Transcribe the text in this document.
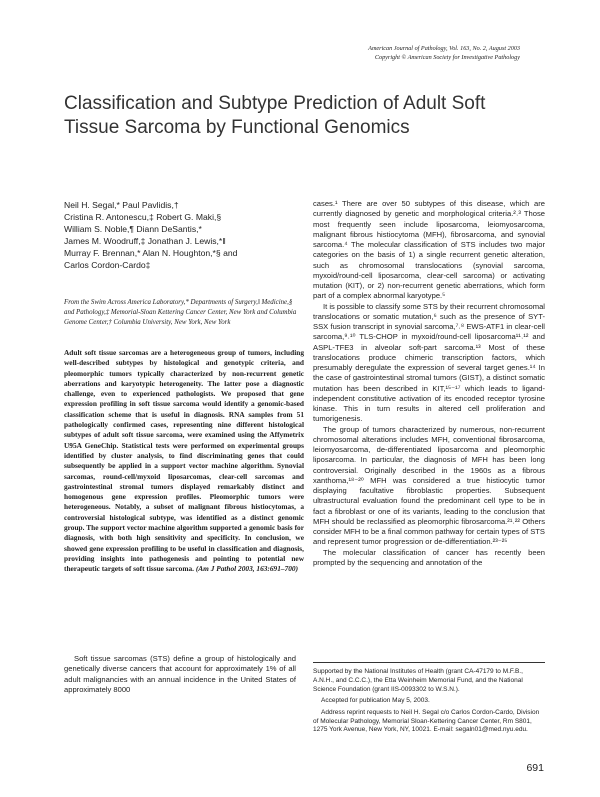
American Journal of Pathology, Vol. 163, No. 2, August 2003
Copyright © American Society for Investigative Pathology
Classification and Subtype Prediction of Adult Soft Tissue Sarcoma by Functional Genomics
Neil H. Segal,* Paul Pavlidis,†
Cristina R. Antonescu,‡ Robert G. Maki,§
William S. Noble,¶ Diann DeSantis,*
James M. Woodruff,‡ Jonathan J. Lewis,*ǁ
Murray F. Brennan,* Alan N. Houghton,*§ and
Carlos Cordon-Cardo‡
From the Swim Across America Laboratory,* Departments of Surgery,ǁ Medicine,§ and Pathology,‡ Memorial-Sloan Kettering Cancer Center, New York and Columbia Genome Center,† Columbia University, New York, New York
Adult soft tissue sarcomas are a heterogeneous group of tumors, including well-described subtypes by histological and genotypic criteria, and pleomorphic tumors typically characterized by non-recurrent genetic aberrations and karyotypic heterogeneity. The latter pose a diagnostic challenge, even to experienced pathologists. We proposed that gene expression profiling in soft tissue sarcoma would identify a genomic-based classification scheme that is useful in diagnosis. RNA samples from 51 pathologically confirmed cases, representing nine different histological subtypes of adult soft tissue sarcoma, were examined using the Affymetrix U95A GeneChip. Statistical tests were performed on experimental groups identified by cluster analysis, to find discriminating genes that could subsequently be applied in a support vector machine algorithm. Synovial sarcomas, round-cell/myxoid liposarcomas, clear-cell sarcomas and gastrointestinal stromal tumors displayed remarkably distinct and homogenous gene expression profiles. Pleomorphic tumors were heterogeneous. Notably, a subset of malignant fibrous histiocytomas, a controversial histological subtype, was identified as a distinct genomic group. The support vector machine algorithm supported a genomic basis for diagnosis, with both high sensitivity and specificity. In conclusion, we showed gene expression profiling to be useful in classification and diagnosis, providing insights into pathogenesis and pointing to potential new therapeutic targets of soft tissue sarcoma. (Am J Pathol 2003, 163:691–700)

Soft tissue sarcomas (STS) define a group of histologically and genetically diverse cancers that account for approximately 1% of all adult malignancies with an annual incidence in the United States of approximately 8000

cases.¹ There are over 50 subtypes of this disease, which are currently diagnosed by genetic and morphological criteria.²˒³ Those most frequently seen include liposarcoma, leiomyosarcoma, malignant fibrous histiocytoma (MFH), fibrosarcoma, and synovial sarcoma.⁴ The molecular classification of STS includes two major categories on the basis of 1) a single recurrent genetic alteration, such as chromosomal translocations (synovial sarcoma, myxoid/round-cell liposarcoma, clear-cell sarcoma) or activating mutation (KIT), or 2) non-recurrent genetic aberrations, which form part of a complex abnormal karyotype.⁵

It is possible to classify some STS by their recurrent chromosomal translocations or somatic mutation,⁶ such as the presence of SYT-SSX fusion transcript in synovial sarcoma,⁷˒⁸ EWS-ATF1 in clear-cell sarcoma,⁹˒¹⁰ TLS-CHOP in myxoid/round-cell liposarcoma¹¹˒¹² and ASPL-TFE3 in alveolar soft-part sarcoma.¹³ Most of these translocations produce chimeric transcription factors, which presumably deregulate the expression of several target genes.¹⁴ In the case of gastrointestinal stromal tumors (GIST), a distinct somatic mutation has been described in KIT,¹⁵⁻¹⁷ which leads to ligand-independent constitutive activation of its encoded receptor tyrosine kinase. This in turn results in altered cell proliferation and tumorigenesis.

The group of tumors characterized by numerous, non-recurrent chromosomal alterations includes MFH, conventional fibrosarcoma, leiomyosarcoma, de-differentiated liposarcoma and pleomorphic liposarcoma. In particular, the diagnosis of MFH has been long controversial. Originally described in the 1960s as a fibrous xanthoma,¹⁸⁻²⁰ MFH was considered a true histiocytic tumor displaying facultative fibroblastic properties. Subsequent ultrastructural evaluation found the predominant cell type to be in fact a fibroblast or one of its variants, leading to the conclusion that MFH should be reclassified as pleomorphic fibrosarcoma.²¹˒²² Others consider MFH to be a final common pathway for certain types of STS and represent tumor progression or de-differentiation.²³⁻²⁵

The molecular classification of cancer has recently been prompted by the sequencing and annotation of the

Supported by the National Institutes of Health (grant CA-47179 to M.F.B., A.N.H., and C.C.C.), the Etta Weinheim Memorial Fund, and the National Science Foundation (grant IIS-0093302 to W.S.N.).

Accepted for publication May 5, 2003.

Address reprint requests to Neil H. Segal c/o Carlos Cordon-Cardo, Division of Molecular Pathology, Memorial Sloan-Kettering Cancer Center, Rm S801, 1275 York Avenue, New York, NY, 10021. E-mail: segaln01@med.nyu.edu.

691
